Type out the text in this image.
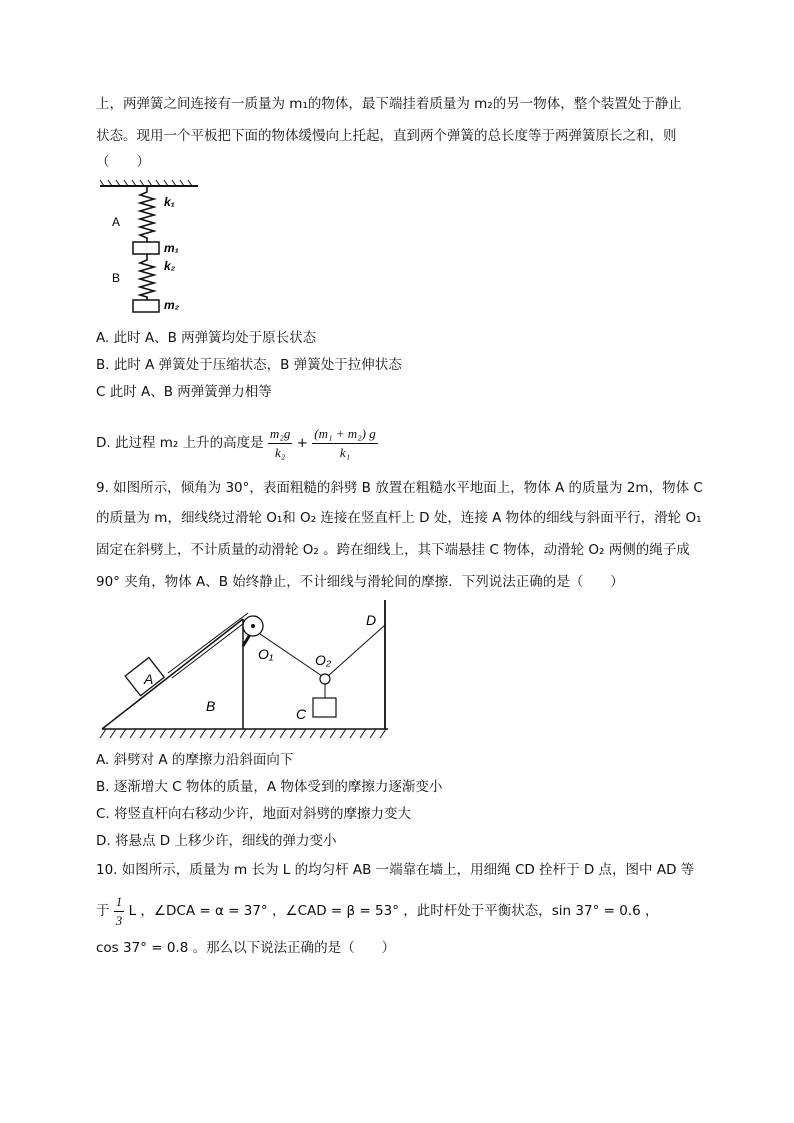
上，两弹簧之间连接有一质量为 m₁的物体，最下端挂着质量为 m₂的另一物体，整个装置处于静止
状态。现用一个平板把下面的物体缓慢向上托起，直到两个弹簧的总长度等于两弹簧原长之和，则
（　　）
A
B
k₁
m₁
k₂
m₂
A. 此时 A、B 两弹簧均处于原长状态
B. 此时 A 弹簧处于压缩状态，B 弹簧处于拉伸状态
C 此时 A、B 两弹簧弹力相等
D. 此过程 m₂ 上升的高度是 $\frac{\text{m₂g}}{\text{k₂}} + \frac{\text{(m₁ + m₂) g}}{\text{k₁}}$
9. 如图所示，倾角为 30°，表面粗糙的斜劈 B 放置在粗糙水平地面上，物体 A 的质量为 2m，物体 C
的质量为 m，细线绕过滑轮 O₁和 O₂ 连接在竖直杆上 D 处，连接 A 物体的细线与斜面平行，滑轮 O₁
固定在斜劈上，不计质量的动滑轮 O₂ 。跨在细线上，其下端悬挂 C 物体，动滑轮 O₂ 两侧的绳子成
90° 夹角，物体 A、B 始终静止，不计细线与滑轮间的摩擦．下列说法正确的是（　　）
A
B	C
D
O₁	O₂
A. 斜劈对 A 的摩擦力沿斜面向下
B. 逐渐增大 C 物体的质量，A 物体受到的摩擦力逐渐变小
C. 将竖直杆向右移动少许，地面对斜劈的摩擦力变大
D. 将悬点 D 上移少许，细线的弹力变小
10. 如图所示，质量为 m 长为 L 的均匀杆 AB 一端靠在墙上，用细绳 CD 拴杆于 D 点，图中 AD 等
于 $\frac{1}{3}$ L ，∠DCA = α = 37° ，∠CAD = β = 53° ，此时杆处于平衡状态，sin 37° = 0.6 ，
cos 37° = 0.8 。那么以下说法正确的是（　　）
